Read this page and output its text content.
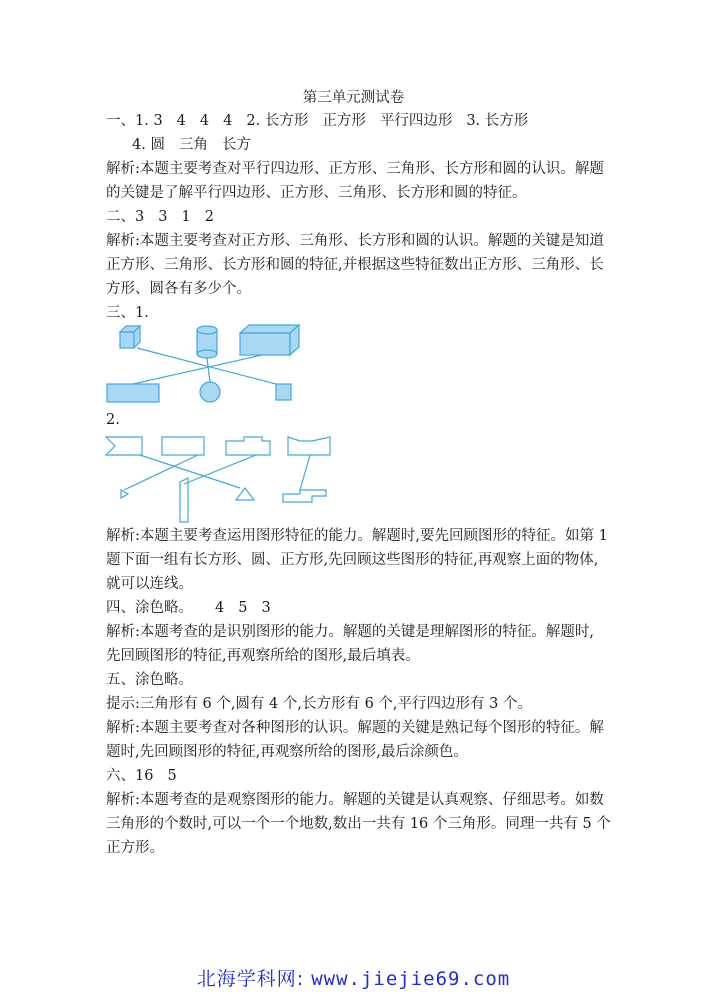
第三单元测试卷
一、1. 3 4 4 4 2. 长方形 正方形 平行四边形 3. 长方形
4. 圆 三角 长方
解析:本题主要考查对平行四边形、正方形、三角形、长方形和圆的认识。解题
的关键是了解平行四边形、正方形、三角形、长方形和圆的特征。
二、3 3 1 2
解析:本题主要考查对正方形、三角形、长方形和圆的认识。解题的关键是知道
正方形、三角形、长方形和圆的特征,并根据这些特征数出正方形、三角形、长
方形、圆各有多少个。
三、1.
2.
解析:本题主要考查运用图形特征的能力。解题时,要先回顾图形的特征。如第 1
题下面一组有长方形、圆、正方形,先回顾这些图形的特征,再观察上面的物体,
就可以连线。
四、涂色略。 4 5 3
解析:本题考查的是识别图形的能力。解题的关键是理解图形的特征。解题时,
先回顾图形的特征,再观察所给的图形,最后填表。
五、涂色略。
提示:三角形有 6 个,圆有 4 个,长方形有 6 个,平行四边形有 3 个。
解析:本题主要考查对各种图形的认识。解题的关键是熟记每个图形的特征。解
题时,先回顾图形的特征,再观察所给的图形,最后涂颜色。
六、16 5
解析:本题考查的是观察图形的能力。解题的关键是认真观察、仔细思考。如数
三角形的个数时,可以一个一个地数,数出一共有 16 个三角形。同理一共有 5 个
正方形。
北海学科网: www.jiejie69.com
